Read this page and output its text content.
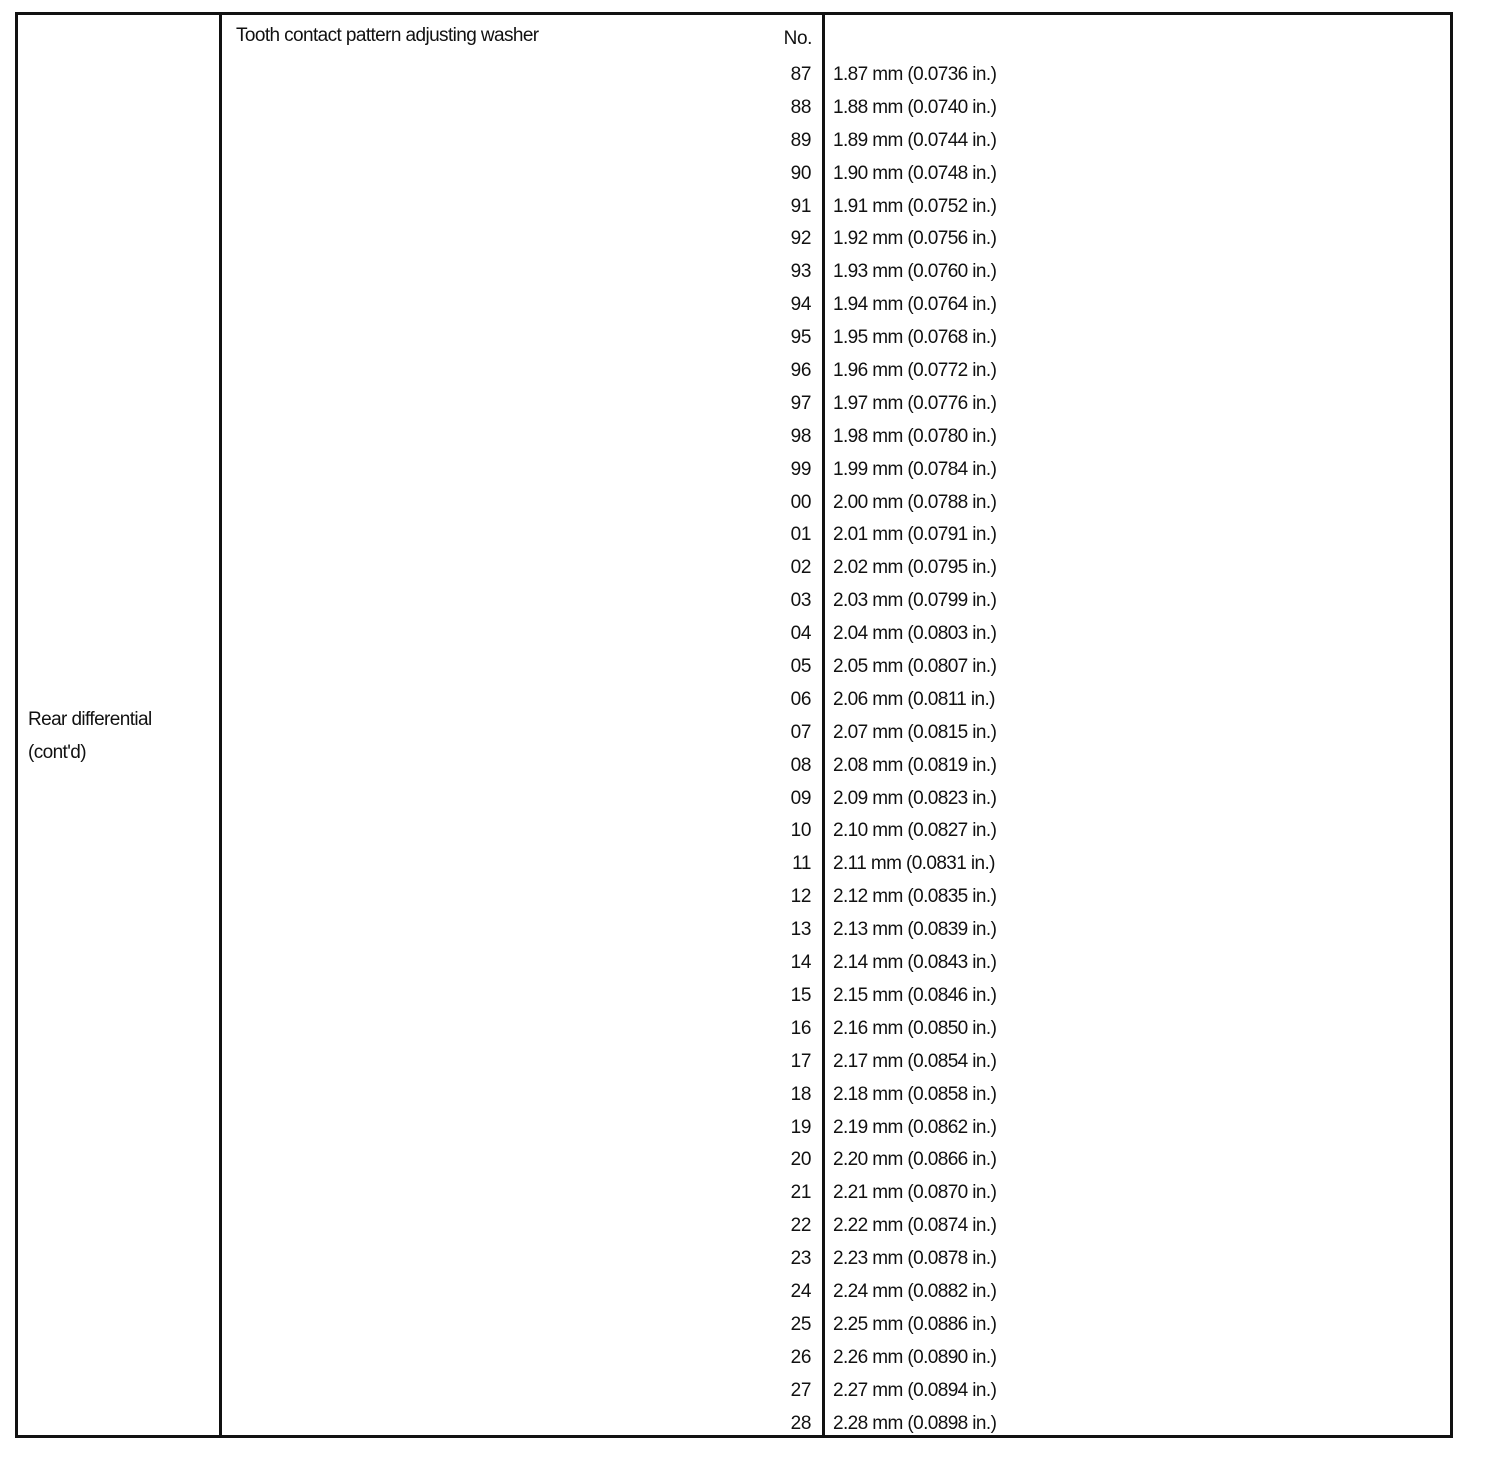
Rear differential
(cont'd)
Tooth contact pattern adjusting washer	No.
87 1.87 mm (0.0736 in.)
88 1.88 mm (0.0740 in.)
89 1.89 mm (0.0744 in.)
90 1.90 mm (0.0748 in.)
91 1.91 mm (0.0752 in.)
92 1.92 mm (0.0756 in.)
93 1.93 mm (0.0760 in.)
94 1.94 mm (0.0764 in.)
95 1.95 mm (0.0768 in.)
96 1.96 mm (0.0772 in.)
97 1.97 mm (0.0776 in.)
98 1.98 mm (0.0780 in.)
99 1.99 mm (0.0784 in.)
00 2.00 mm (0.0788 in.)
01 2.01 mm (0.0791 in.)
02 2.02 mm (0.0795 in.)
03 2.03 mm (0.0799 in.)
04 2.04 mm (0.0803 in.)
05 2.05 mm (0.0807 in.)
06 2.06 mm (0.0811 in.)
07 2.07 mm (0.0815 in.)
08 2.08 mm (0.0819 in.)
09 2.09 mm (0.0823 in.)
10 2.10 mm (0.0827 in.)
11 2.11 mm (0.0831 in.)
12 2.12 mm (0.0835 in.)
13 2.13 mm (0.0839 in.)
14 2.14 mm (0.0843 in.)
15 2.15 mm (0.0846 in.)
16 2.16 mm (0.0850 in.)
17 2.17 mm (0.0854 in.)
18 2.18 mm (0.0858 in.)
19 2.19 mm (0.0862 in.)
20 2.20 mm (0.0866 in.)
21 2.21 mm (0.0870 in.)
22 2.22 mm (0.0874 in.)
23 2.23 mm (0.0878 in.)
24 2.24 mm (0.0882 in.)
25 2.25 mm (0.0886 in.)
26 2.26 mm (0.0890 in.)
27 2.27 mm (0.0894 in.)
28 2.28 mm (0.0898 in.)
